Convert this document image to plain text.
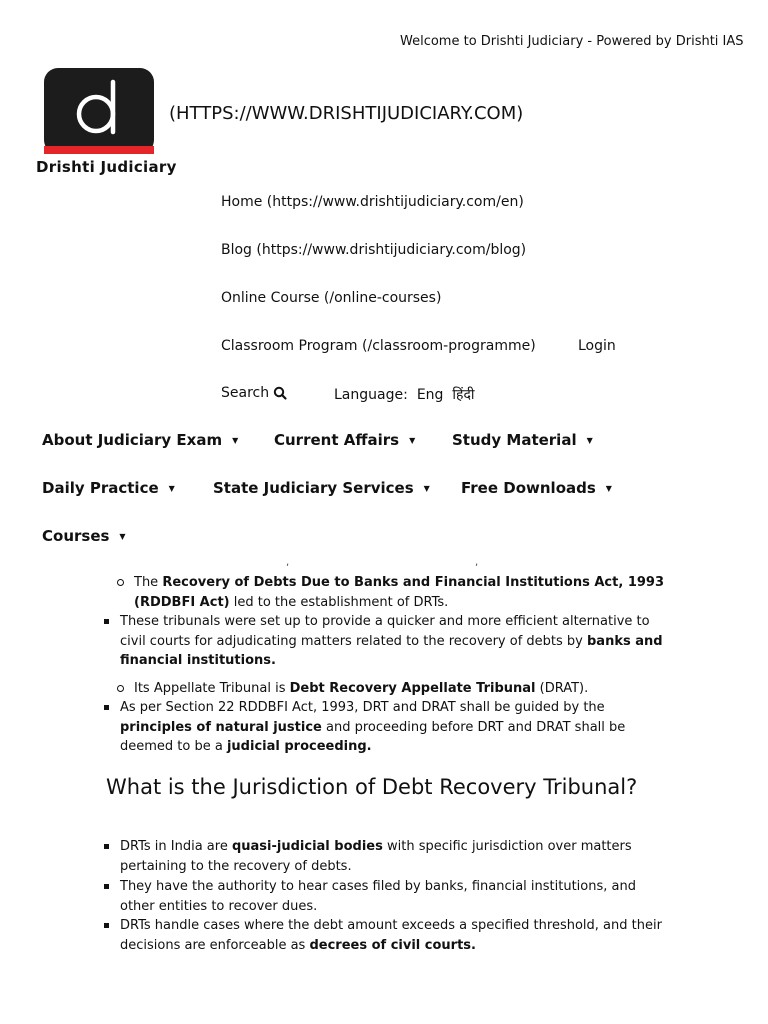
Welcome to Drishti Judiciary - Powered by Drishti IAS
Drishti Judiciary
(HTTPS://WWW.DRISHTIJUDICIARY.COM)
Home (https://www.drishtijudiciary.com/en)
Blog (https://www.drishtijudiciary.com/blog)
Online Course (/online-courses)
Classroom Program (/classroom-programme)	Login
Search	Language: Eng हिंदी
About Judiciary Exam ▼ Current Affairs ▼ Study Material ▼
Daily Practice ▼	State Judiciary Services ▼ Free Downloads ▼
Courses ▼
,	,
The Recovery of Debts Due to Banks and Financial Institutions Act, 1993 (RDDBFI Act) led to the establishment of DRTs.
These tribunals were set up to provide a quicker and more efficient alternative to civil courts for adjudicating matters related to the recovery of debts by banks and financial institutions.
Its Appellate Tribunal is Debt Recovery Appellate Tribunal (DRAT).
As per Section 22 RDDBFI Act, 1993, DRT and DRAT shall be guided by the principles of natural justice and proceeding before DRT and DRAT shall be deemed to be a judicial proceeding.
What is the Jurisdiction of Debt Recovery Tribunal?
DRTs in India are quasi-judicial bodies with specific jurisdiction over matters pertaining to the recovery of debts.
They have the authority to hear cases filed by banks, financial institutions, and other entities to recover dues.
DRTs handle cases where the debt amount exceeds a specified threshold, and their decisions are enforceable as decrees of civil courts.
